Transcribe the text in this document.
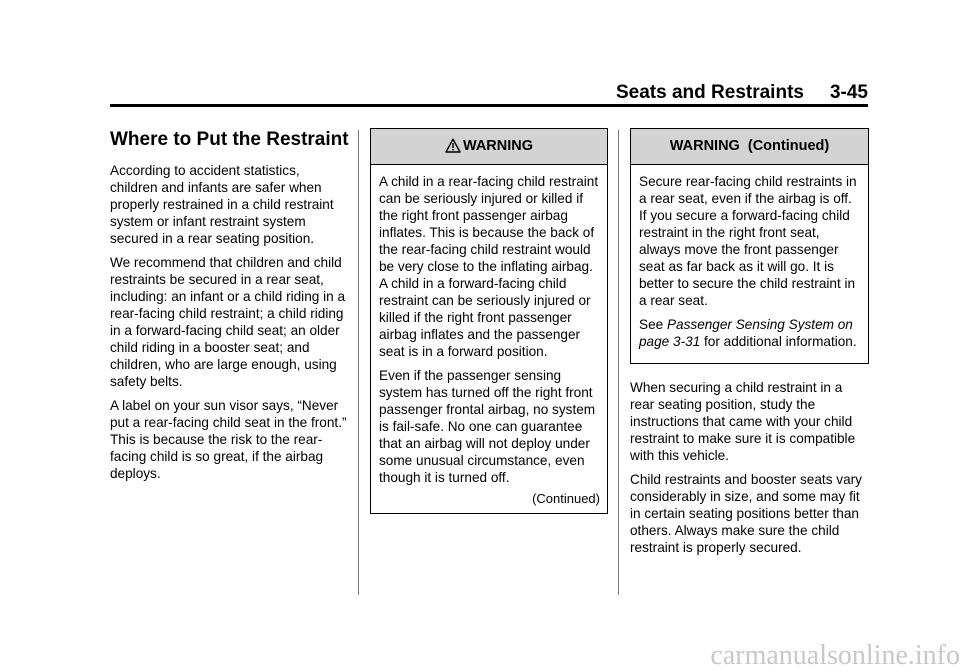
Seats and Restraints 3-45
Where to Put the Restraint

According to accident statistics, children and infants are safer when properly restrained in a child restraint system or infant restraint system secured in a rear seating position.

We recommend that children and child restraints be secured in a rear seat, including: an infant or a child riding in a rear-facing child restraint; a child riding in a forward-facing child seat; an older child riding in a booster seat; and children, who are large enough, using safety belts.

A label on your sun visor says, “Never put a rear-facing child seat in the front.” This is because the risk to the rear-facing child is so great, if the airbag deploys.

WARNING

A child in a rear-facing child restraint can be seriously injured or killed if the right front passenger airbag inflates. This is because the back of the rear-facing child restraint would be very close to the inflating airbag. A child in a forward-facing child restraint can be seriously injured or killed if the right front passenger airbag inflates and the passenger seat is in a forward position.

Even if the passenger sensing system has turned off the right front passenger frontal airbag, no system is fail-safe. No one can guarantee that an airbag will not deploy under some unusual circumstance, even though it is turned off.

(Continued)
WARNING  (Continued)

Secure rear-facing child restraints in a rear seat, even if the airbag is off. If you secure a forward-facing child restraint in the right front seat, always move the front passenger seat as far back as it will go. It is better to secure the child restraint in a rear seat.

See Passenger Sensing System on page 3‑31 for additional information.

When securing a child restraint in a rear seating position, study the instructions that came with your child restraint to make sure it is compatible with this vehicle.

Child restraints and booster seats vary considerably in size, and some may fit in certain seating positions better than others. Always make sure the child restraint is properly secured.

carmanualsonline.info
